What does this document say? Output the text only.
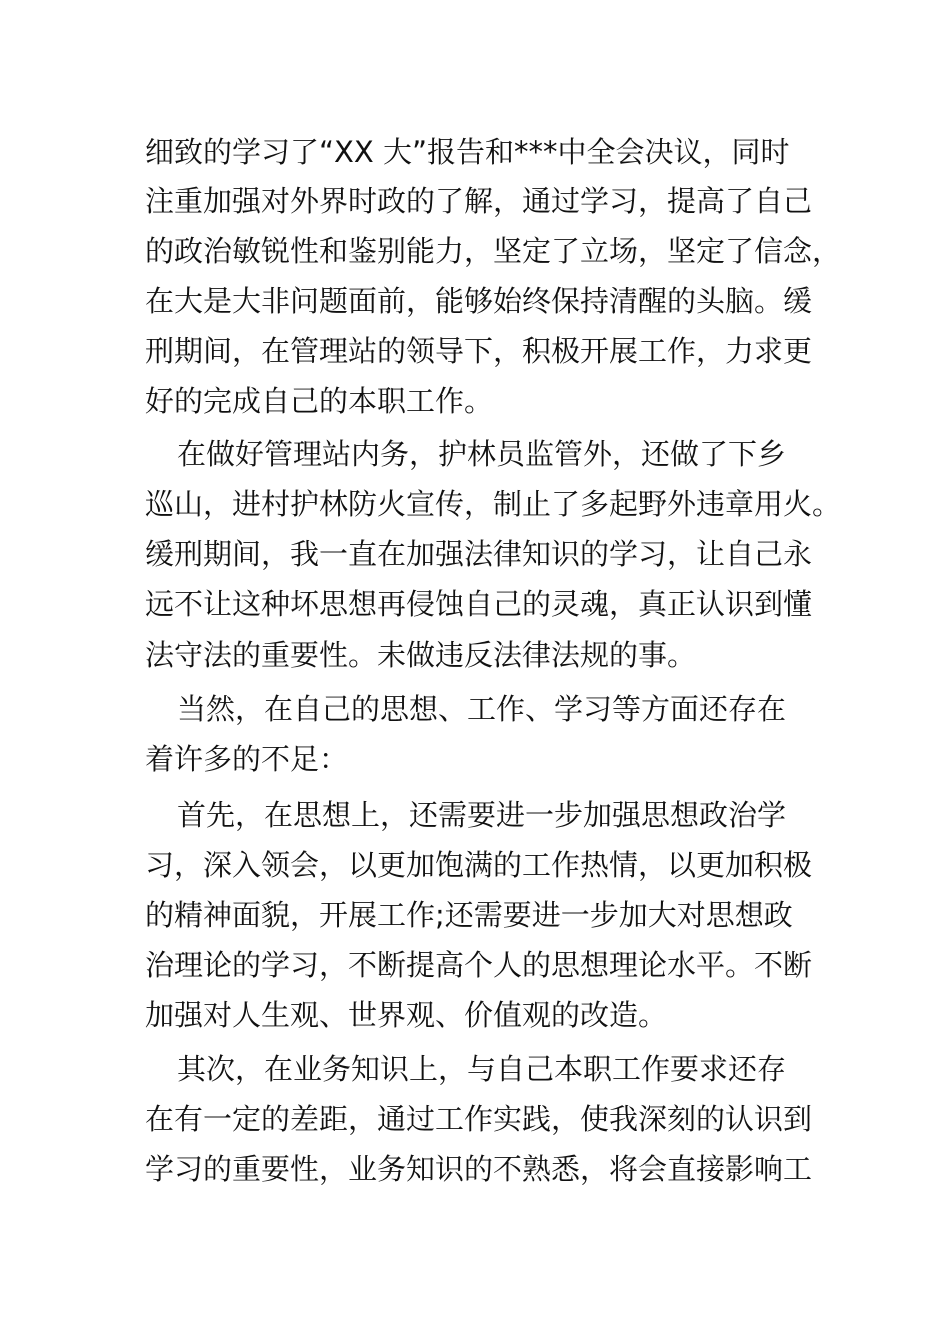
细致的学习了“XX 大”报告和***中全会决议，同时
注重加强对外界时政的了解，通过学习，提高了自己
的政治敏锐性和鉴别能力，坚定了立场，坚定了信念，
在大是大非问题面前，能够始终保持清醒的头脑。缓
刑期间，在管理站的领导下，积极开展工作，力求更
好的完成自己的本职工作。
在做好管理站内务，护林员监管外，还做了下乡
巡山，进村护林防火宣传，制止了多起野外违章用火。
缓刑期间，我一直在加强法律知识的学习，让自己永
远不让这种坏思想再侵蚀自己的灵魂，真正认识到懂
法守法的重要性。未做违反法律法规的事。
当然，在自己的思想、工作、学习等方面还存在
着许多的不足：
首先，在思想上，还需要进一步加强思想政治学
习，深入领会，以更加饱满的工作热情，以更加积极
的精神面貌，开展工作;还需要进一步加大对思想政
治理论的学习，不断提高个人的思想理论水平。不断
加强对人生观、世界观、价值观的改造。
其次，在业务知识上，与自己本职工作要求还存
在有一定的差距，通过工作实践，使我深刻的认识到
学习的重要性，业务知识的不熟悉，将会直接影响工
